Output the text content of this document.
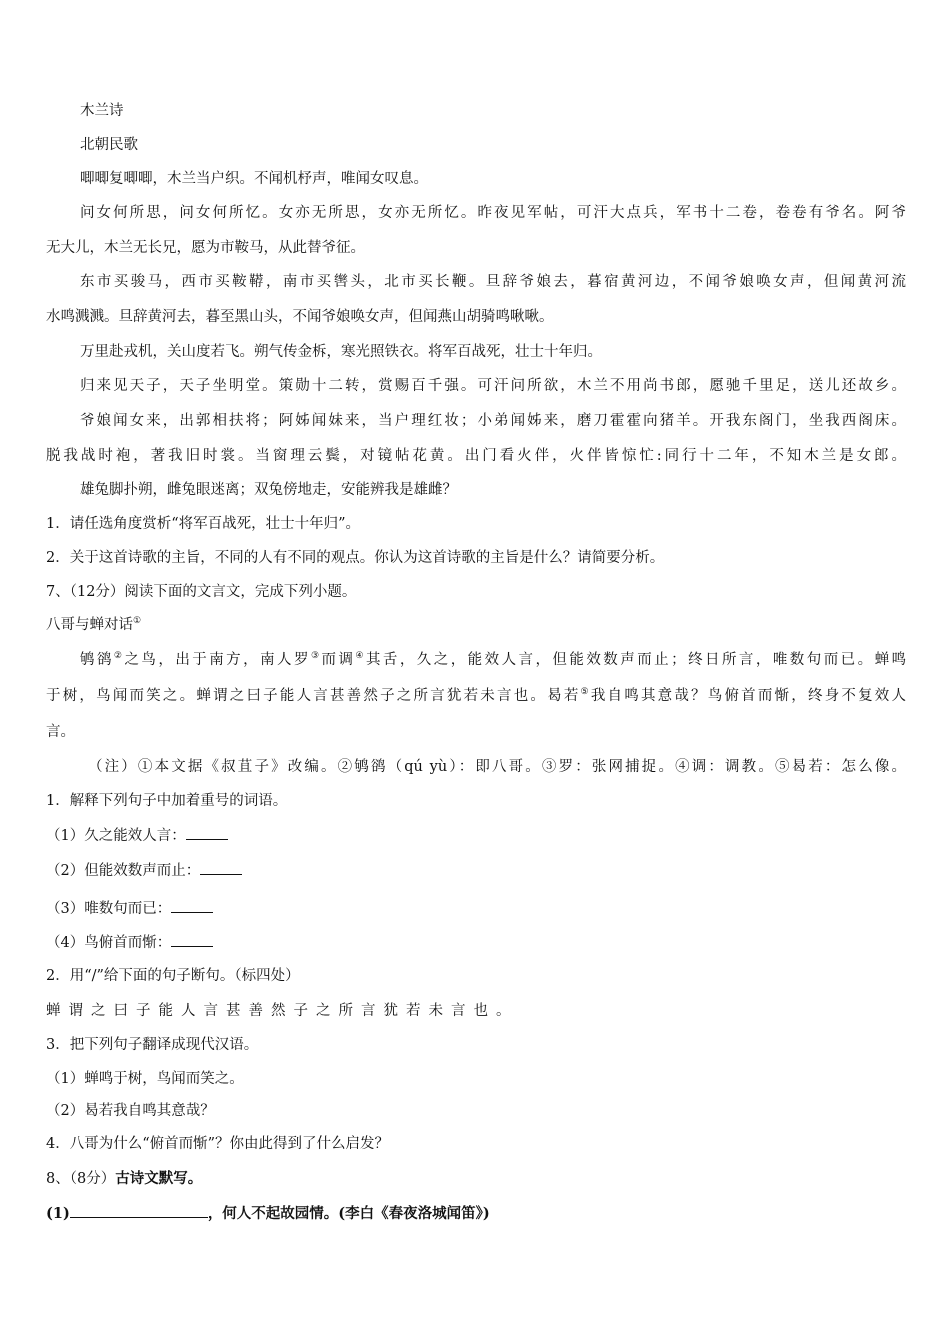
木兰诗
北朝民歌
唧唧复唧唧，木兰当户织。不闻机杼声，唯闻女叹息。
问女何所思，问女何所忆。女亦无所思，女亦无所忆。昨夜见军帖，可汗大点兵，军书十二卷，卷卷有爷名。阿爷
无大儿，木兰无长兄，愿为市鞍马，从此替爷征。
东市买骏马，西市买鞍鞯，南市买辔头，北市买长鞭。旦辞爷娘去，暮宿黄河边，不闻爷娘唤女声，但闻黄河流
水鸣溅溅。旦辞黄河去，暮至黑山头，不闻爷娘唤女声，但闻燕山胡骑鸣啾啾。
万里赴戎机，关山度若飞。朔气传金柝，寒光照铁衣。将军百战死，壮士十年归。
归来见天子，天子坐明堂。策勋十二转，赏赐百千强。可汗问所欲，木兰不用尚书郎，愿驰千里足，送儿还故乡。
爷娘闻女来，出郭相扶将；阿姊闻妹来，当户理红妆；小弟闻姊来，磨刀霍霍向猪羊。开我东阁门，坐我西阁床。
脱我战时袍，著我旧时裳。当窗理云鬓，对镜帖花黄。出门看火伴，火伴皆惊忙:同行十二年，不知木兰是女郎。
雄兔脚扑朔，雌兔眼迷离；双兔傍地走，安能辨我是雄雌？
1．请任选角度赏析“将军百战死，壮士十年归”。
2．关于这首诗歌的主旨，不同的人有不同的观点。你认为这首诗歌的主旨是什么？请简要分析。
7、（12分）阅读下面的文言文，完成下列小题。
八哥与蝉对话①
鸲鹆②之鸟，出于南方，南人罗③而调④其舌，久之，能效人言，但能效数声而止；终日所言，唯数句而已。蝉鸣
于树，鸟闻而笑之。蝉谓之曰子能人言甚善然子之所言犹若未言也。曷若⑤我自鸣其意哉？鸟俯首而惭，终身不复效人
言。
（注）①本文据《叔苴子》改编。②鸲鹆（qú yù）：即八哥。③罗：张网捕捉。④调：调教。⑤曷若：怎么像。
1．解释下列句子中加着重号的词语。
（1）久之能效人言：
（2）但能效数声而止：
（3）唯数句而已：
（4）鸟俯首而惭：
2．用“/”给下面的句子断句。（标四处）
蝉谓之曰子能人言甚善然子之所言犹若未言也。
3．把下列句子翻译成现代汉语。
（1）蝉鸣于树，鸟闻而笑之。
（2）曷若我自鸣其意哉？
4．八哥为什么“俯首而惭”？你由此得到了什么启发？
8、（8分）古诗文默写。
(1)	，何人不起故园情。(李白《春夜洛城闻笛》)
